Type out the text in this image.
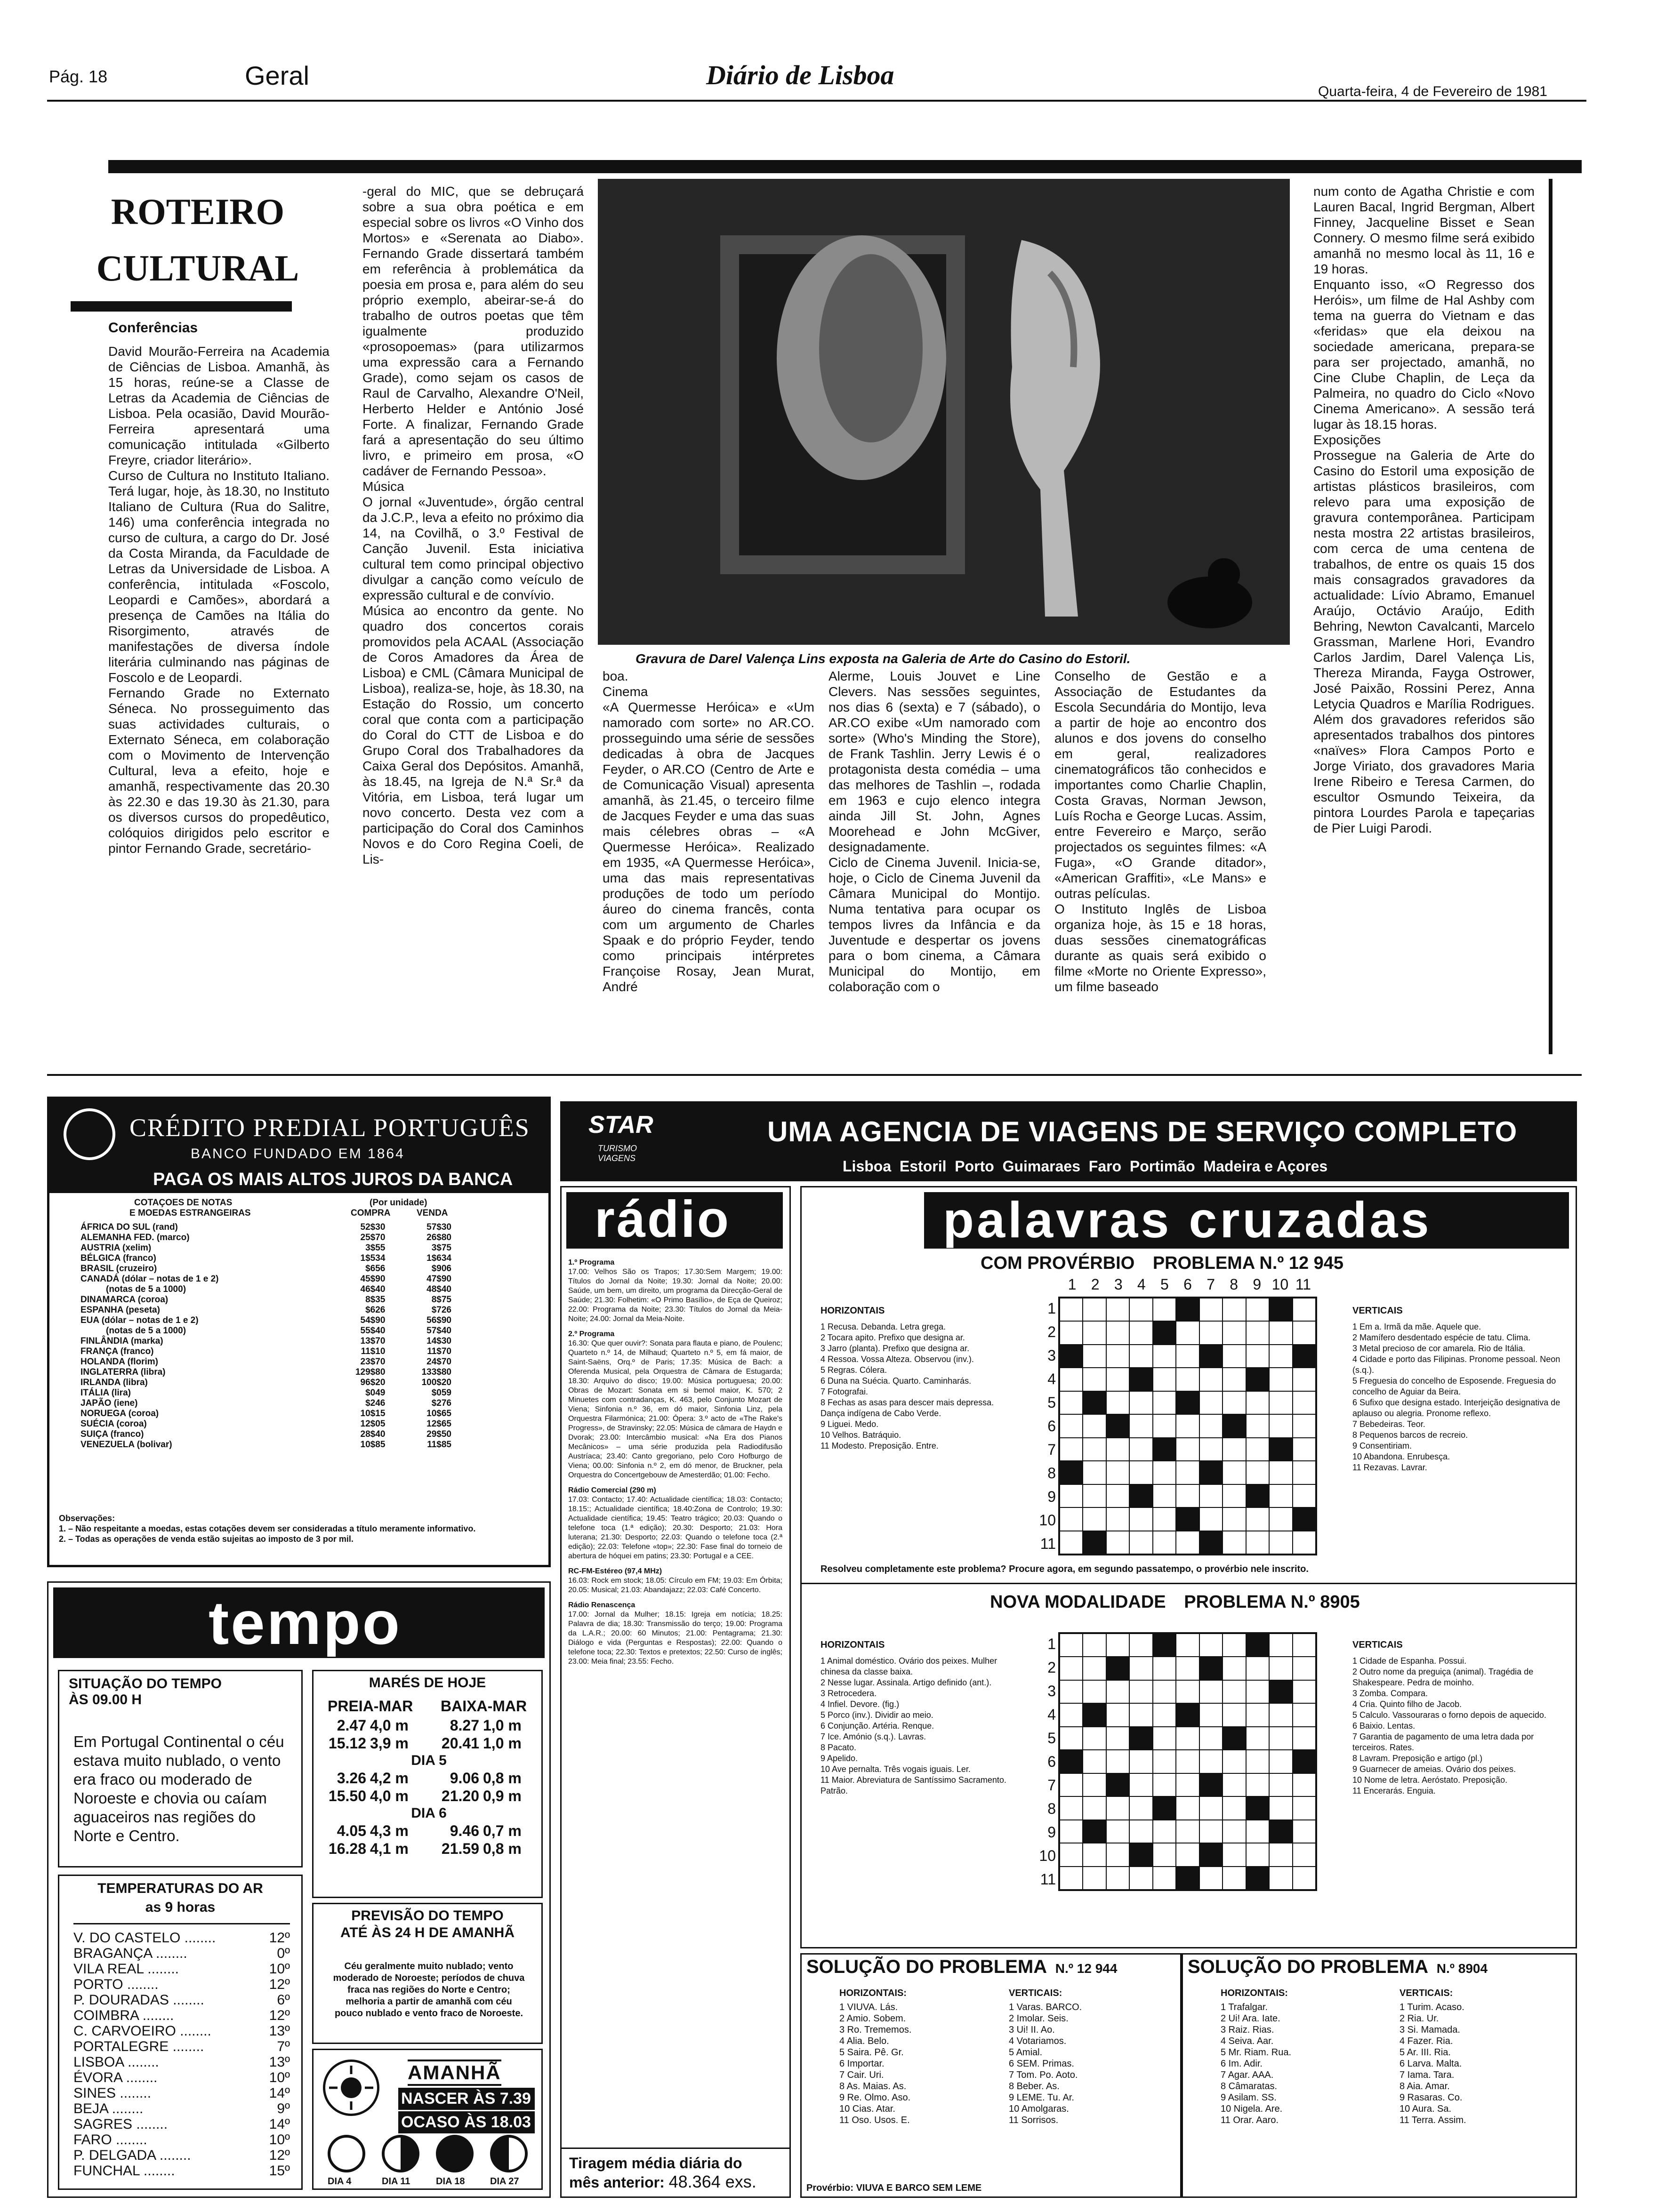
Pág. 18	Geral	Diário de Lisboa
Quarta-feira, 4 de Fevereiro de 1981
ROTEIRO
CULTURAL
Conferências
David Mourão-Ferreira na Academia de Ciências de Lisboa. Amanhã, às 15 horas, reúne-se a Classe de Letras da Academia de Ciências de Lisboa. Pela ocasião, David Mourão-Ferreira apresentará uma comunicação intitulada «Gilberto Freyre, criador literário».
Curso de Cultura no Instituto Italiano. Terá lugar, hoje, às 18.30, no Instituto Italiano de Cultura (Rua do Salitre, 146) uma conferência integrada no curso de cultura, a cargo do Dr. José da Costa Miranda, da Faculdade de Letras da Universidade de Lisboa. A conferência, intitulada «Foscolo, Leopardi e Camões», abordará a presença de Camões na Itália do Risorgimento, através de manifestações de diversa índole literária culminando nas páginas de Foscolo e de Leopardi.
Fernando Grade no Externato Séneca. No prosseguimento das suas actividades culturais, o Externato Séneca, em colaboração com o Movimento de Intervenção Cultural, leva a efeito, hoje e amanhã, respectivamente das 20.30 às 22.30 e das 19.30 às 21.30, para os diversos cursos do propedêutico, colóquios dirigidos pelo escritor e pintor Fernando Grade, secretário-
-geral do MIC, que se debruçará sobre a sua obra poética e em especial sobre os livros «O Vinho dos Mortos» e «Serenata ao Diabo». Fernando Grade dissertará também em referência à problemática da poesia em prosa e, para além do seu próprio exemplo, abeirar-se-á do trabalho de outros poetas que têm igualmente produzido «prosopoemas» (para utilizarmos uma expressão cara a Fernando Grade), como sejam os casos de Raul de Carvalho, Alexandre O'Neil, Herberto Helder e António José Forte. A finalizar, Fernando Grade fará a apresentação do seu último livro, e primeiro em prosa, «O cadáver de Fernando Pessoa».
Música
O jornal «Juventude», órgão central da J.C.P., leva a efeito no próximo dia 14, na Covilhã, o 3.º Festival de Canção Juvenil. Esta iniciativa cultural tem como principal objectivo divulgar a canção como veículo de expressão cultural e de convívio.
Música ao encontro da gente. No quadro dos concertos corais promovidos pela ACAAL (Associação de Coros Amadores da Área de Lisboa) e CML (Câmara Municipal de Lisboa), realiza-se, hoje, às 18.30, na Estação do Rossio, um concerto coral que conta com a participação do Coral do CTT de Lisboa e do Grupo Coral dos Trabalhadores da Caixa Geral dos Depósitos. Amanhã, às 18.45, na Igreja de N.ª Sr.ª da Vitória, em Lisboa, terá lugar um novo concerto. Desta vez com a participação do Coral dos Caminhos Novos e do Coro Regina Coeli, de Lis-
Gravura de Darel Valença Lins exposta na Galeria de Arte do Casino do Estoril.
boa.
Cinema
«A Quermesse Heróica» e «Um namorado com sorte» no AR.CO. prosseguindo uma série de sessões dedicadas à obra de Jacques Feyder, o AR.CO (Centro de Arte e de Comunicação Visual) apresenta amanhã, às 21.45, o terceiro filme de Jacques Feyder e uma das suas mais célebres obras – «A Quermesse Heróica». Realizado em 1935, «A Quermesse Heróica», uma das mais representativas produções de todo um período áureo do cinema francês, conta com um argumento de Charles Spaak e do próprio Feyder, tendo como principais intérpretes Françoise Rosay, Jean Murat, André
Alerme, Louis Jouvet e Line Clevers. Nas sessões seguintes, nos dias 6 (sexta) e 7 (sábado), o AR.CO exibe «Um namorado com sorte» (Who's Minding the Store), de Frank Tashlin. Jerry Lewis é o protagonista desta comédia – uma das melhores de Tashlin –, rodada em 1963 e cujo elenco integra ainda Jill St. John, Agnes Moorehead e John McGiver, designadamente.
Ciclo de Cinema Juvenil. Inicia-se, hoje, o Ciclo de Cinema Juvenil da Câmara Municipal do Montijo. Numa tentativa para ocupar os tempos livres da Infância e da Juventude e despertar os jovens para o bom cinema, a Câmara Municipal do Montijo, em colaboração com o
Conselho de Gestão e a Associação de Estudantes da Escola Secundária do Montijo, leva a partir de hoje ao encontro dos alunos e dos jovens do conselho em geral, realizadores cinematográficos tão conhecidos e importantes como Charlie Chaplin, Costa Gravas, Norman Jewson, Luís Rocha e George Lucas. Assim, entre Fevereiro e Março, serão projectados os seguintes filmes: «A Fuga», «O Grande ditador», «American Graffiti», «Le Mans» e outras películas.
O Instituto Inglês de Lisboa organiza hoje, às 15 e 18 horas, duas sessões cinematográficas durante as quais será exibido o filme «Morte no Oriente Expresso», um filme baseado
num conto de Agatha Christie e com Lauren Bacal, Ingrid Bergman, Albert Finney, Jacqueline Bisset e Sean Connery. O mesmo filme será exibido amanhã no mesmo local às 11, 16 e 19 horas.
Enquanto isso, «O Regresso dos Heróis», um filme de Hal Ashby com tema na guerra do Vietnam e das «feridas» que ela deixou na sociedade americana, prepara-se para ser projectado, amanhã, no Cine Clube Chaplin, de Leça da Palmeira, no quadro do Ciclo «Novo Cinema Americano». A sessão terá lugar às 18.15 horas.
Exposições
Prossegue na Galeria de Arte do Casino do Estoril uma exposição de artistas plásticos brasileiros, com relevo para uma exposição de gravura contemporânea. Participam nesta mostra 22 artistas brasileiros, com cerca de uma centena de trabalhos, de entre os quais 15 dos mais consagrados gravadores da actualidade: Lívio Abramo, Emanuel Araújo, Octávio Araújo, Edith Behring, Newton Cavalcanti, Marcelo Grassman, Marlene Hori, Evandro Carlos Jardim, Darel Valença Lis, Thereza Miranda, Fayga Ostrower, José Paixão, Rossini Perez, Anna Letycia Quadros e Marília Rodrigues. Além dos gravadores referidos são apresentados trabalhos dos pintores «naïves» Flora Campos Porto e Jorge Viriato, dos gravadores Maria Irene Ribeiro e Teresa Carmen, do escultor Osmundo Teixeira, da pintora Lourdes Parola e tapeçarias de Pier Luigi Parodi.
CRÉDITO PREDIAL PORTUGUÊS
BANCO FUNDADO EM 1864
PAGA OS MAIS ALTOS JUROS DA BANCA
COTAÇOES DE NOTAS
E MOEDAS ESTRANGEIRAS
(Por unidade)
COMPRA	VENDA
ÁFRICA DO SUL (rand)	52$30	57$30
ALEMANHA FED. (marco)	25$70	26$80
AUSTRIA (xelim)	3$55	3$75
BÉLGICA (franco)	1$534	1$634
BRASIL (cruzeiro)	$656	$906
CANADÁ (dólar – notas de 1 e 2)	45$90	47$90
(notas de 5 a 1000)	46$40	48$40
DINAMARCA (coroa)	8$35	8$75
ESPANHA (peseta)	$626	$726
EUA (dólar – notas de 1 e 2)	54$90	56$90
(notas de 5 a 1000)	55$40	57$40
FINLÂNDIA (marka)	13$70	14$30
FRANÇA (franco)	11$10	11$70
HOLANDA (florim)	23$70	24$70
INGLATERRA (libra)	129$80	133$80
IRLANDA (libra)	96$20	100$20
ITÁLIA (lira)	$049	$059
JAPÃO (iene)	$246	$276
NORUEGA (coroa)	10$15	10$65
SUÉCIA (coroa)	12$05	12$65
SUIÇA (franco)	28$40	29$50
VENEZUELA (bolivar)	10$85	11$85
Observações:
1. – Não respeitante a moedas, estas cotações devem ser consideradas a título meramente informativo.
2. – Todas as operações de venda estão sujeitas ao imposto de 3 por mil.
STAR
TURISMO VIAGENS
UMA AGENCIA DE VIAGENS DE SERVIÇO COMPLETO
Lisboa  Estoril  Porto  Guimaraes  Faro  Portimão  Madeira e Açores
rádio
1.º Programa
17.00: Velhos São os Trapos; 17.30:Sem Margem; 19.00: Títulos do Jornal da Noite; 19.30: Jornal da Noite; 20.00: Saúde, um bem, um direito, um programa da Direcção-Geral de Saúde; 21.30: Folhetim: «O Primo Basílio», de Eça de Queiroz; 22.00: Programa da Noite; 23.30: Títulos do Jornal da Meia-Noite; 24.00: Jornal da Meia-Noite.
2.º Programa
16.30: Que quer ouvir?: Sonata para flauta e piano, de Poulenc; Quarteto n.º 14, de Milhaud; Quarteto n.º 5, em fá maior, de Saint-Saëns, Orq.º de Paris; 17.35: Música de Bach: a Oferenda Musical, pela Orquestra de Câmara de Estugarda; 18.30: Arquivo do disco; 19.00: Música portuguesa; 20.00: Obras de Mozart: Sonata em si bemol maior, K. 570; 2 Minuetes com contradanças, K. 463, pelo Conjunto Mozart de Viena; Sinfonia n.º 36, em dó maior, Sinfonia Linz, pela Orquestra Filarmónica; 21.00: Ópera: 3.º acto de «The Rake's Progress», de Stravinsky; 22.05: Música de câmara de Haydn e Dvorak; 23.00: Intercâmbio musical: «Na Era dos Pianos Mecânicos» – uma série produzida pela Radiodifusão Austríaca; 23.40: Canto gregoriano, pelo Coro Hofburgo de Viena; 00.00: Sinfonia n.º 2, em dó menor, de Bruckner, pela Orquestra do Concertgebouw de Amesterdão; 01.00: Fecho.
Rádio Comercial (290 m)
17.03: Contacto; 17.40: Actualidade científica; 18.03: Contacto; 18.15:; Actualidade científica; 18.40:Zona de Controlo; 19.30: Actualidade científica; 19.45: Teatro trágico; 20.03: Quando o telefone toca (1.ª edição); 20.30: Desporto; 21.03: Hora luterana; 21.30: Desporto; 22.03: Quando o telefone toca (2.ª edição); 22.03: Telefone «top»; 22.30: Fase final do torneio de abertura de hóquei em patins; 23.30: Portugal e a CEE.
RC-FM-Estéreo (97,4 MHz)
16.03: Rock em stock; 18.05: Círculo em FM; 19.03: Em Órbita; 20.05: Musical; 21.03: Abandajazz; 22.03: Café Concerto.
Rádio Renascença
17.00: Jornal da Mulher; 18.15: Igreja em notícia; 18.25: Palavra de dia; 18.30: Transmissão do terço; 19.00: Programa da L.A.R.; 20.00: 60 Minutos; 21.00: Pentagrama; 21.30: Diálogo e vida (Perguntas e Respostas); 22.00: Quando o telefone toca; 22.30: Textos e pretextos; 22.50: Curso de inglês; 23.00: Meia final; 23.55: Fecho.
Tiragem média diária do
mês anterior: 48.364 exs.
tempo
SITUAÇÃO DO TEMPO
ÀS 09.00 H
Em Portugal Continental o céu estava muito nublado, o vento era fraco ou moderado de Noroeste e chovia ou caíam aguaceiros nas regiões do Norte e Centro.
TEMPERATURAS DO AR
as 9 horas
V. DO CASTELO ........	12º
BRAGANÇA ........	0º
VILA REAL ........	10º
PORTO ........	12º
P. DOURADAS ........	6º
COIMBRA ........	12º
C. CARVOEIRO ........	13º
PORTALEGRE ........	7º
LISBOA ........	13º
ÉVORA ........	10º
SINES ........	14º
BEJA ........	9º
SAGRES ........	14º
FARO ........	10º
P. DELGADA ........	12º
FUNCHAL ........	15º
MARÉS DE HOJE
PREIA-MAR BAIXA-MAR
2.47 4,0 m	8.27 1,0 m
15.12 3,9 m	20.41 1,0 m
DIA 5
3.26 4,2 m	9.06 0,8 m
15.50 4,0 m	21.20 0,9 m
DIA 6
4.05 4,3 m	9.46 0,7 m
16.28 4,1 m	21.59 0,8 m
PREVISÃO DO TEMPO
ATÉ ÀS 24 H DE AMANHÃ
Céu geralmente muito nublado; vento moderado de Noroeste; períodos de chuva fraca nas regiões do Norte e Centro; melhoria a partir de amanhã com céu pouco nublado e vento fraco de Noroeste.
AMANHÃ
NASCER ÀS 7.39
OCASO ÀS 18.03
DIA 4	DIA 11	DIA 18	DIA 27
palavras cruzadas
COM PROVÉRBIO PROBLEMA N.º 12 945
1 2 3 4 5 6 7 8 9 10 11
HORIZONTAIS
1 Recusa. Debanda. Letra grega.
2 Tocara apito. Prefixo que designa ar.
3 Jarro (planta). Prefixo que designa ar.
4 Ressoa. Vossa Alteza. Observou (inv.).
5 Regras. Cólera.
6 Duna na Suécia. Quarto. Caminharás.
7 Fotografai.
8 Fechas as asas para descer mais depressa. Dança indígena de Cabo Verde.
9 Liguei. Medo.
10 Velhos. Batráquio.
11 Modesto. Preposição. Entre.
1
2
3
4
5
6
7
8
9
10
11
VERTICAIS
1 Em a. Irmã da mãe. Aquele que.
2 Mamífero desdentado espécie de tatu. Clima.
3 Metal precioso de cor amarela. Rio de Itália.
4 Cidade e porto das Filipinas. Pronome pessoal. Neon (s.q.).
5 Freguesia do concelho de Esposende. Freguesia do concelho de Aguiar da Beira.
6 Sufixo que designa estado. Interjeição designativa de aplauso ou alegria. Pronome reflexo.
7 Bebedeiras. Teor.
8 Pequenos barcos de recreio.
9 Consentiriam.
10 Abandona. Enrubesça.
11 Rezavas. Lavrar.
Resolveu completamente este problema? Procure agora, em segundo passatempo, o provérbio nele inscrito.
NOVA MODALIDADE PROBLEMA N.º 8905
HORIZONTAIS
1 Animal doméstico. Ovário dos peixes. Mulher chinesa da classe baixa.
2 Nesse lugar. Assinala. Artigo definido (ant.).
3 Retrocedera.
4 Infiel. Devore. (fig.)
5 Porco (inv.). Dividir ao meio.
6 Conjunção. Artéria. Renque.
7 Ice. Amónio (s.q.). Lavras.
8 Pacato.
9 Apelido.
10 Ave pernalta. Três vogais iguais. Ler.
11 Maior. Abreviatura de Santíssimo Sacramento. Patrão.
1
2
3
4
5
6
7
8
9
10
11
VERTICAIS
1 Cidade de Espanha. Possui.
2 Outro nome da preguiça (animal). Tragédia de Shakespeare. Pedra de moinho.
3 Zomba. Compara.
4 Cria. Quinto filho de Jacob.
5 Calculo. Vassouraras o forno depois de aquecido.
6 Baixio. Lentas.
7 Garantia de pagamento de uma letra dada por terceiros. Rates.
8 Lavram. Preposição e artigo (pl.)
9 Guarnecer de ameias. Ovário dos peixes.
10 Nome de letra. Aeróstato. Preposição.
11 Encerarás. Enguia.
SOLUÇÃO DO PROBLEMA N.º 12 944
HORIZONTAIS:
1 VIUVA. Lás.
2 Amio. Sobem.
3 Ro. Trememos.
4 Alia. Belo.
5 Saira. Pê. Gr.
6 Importar.
7 Cair. Uri.
8 As. Maias. As.
9 Re. Olmo. Aso.
10 Cias. Atar.
11 Oso. Usos. E.
VERTICAIS:
1 Varas. BARCO.
2 Imolar. Seis.
3 Ui! II. Ao.
4 Votariamos.
5 Amial.
6 SEM. Primas.
7 Tom. Po. Aoto.
8 Beber. As.
9 LEME. Tu. Ar.
10 Amolgaras.
11 Sorrisos.
Provérbio: VIUVA E BARCO SEM LEME
SOLUÇÃO DO PROBLEMA N.º 8904
HORIZONTAIS:
1 Trafalgar.
2 Ui! Ara. Iate.
3 Raiz. Rias.
4 Seiva. Aar.
5 Mr. Riam. Rua.
6 Im. Adir.
7 Agar. AAA.
8 Câmaratas.
9 Asilam. SS.
10 Nigela. Are.
11 Orar. Aaro.
VERTICAIS:
1 Turim. Acaso.
2 Ria. Ur.
3 Si. Mamada.
4 Fazer. Ria.
5 Ar. III. Ria.
6 Larva. Malta.
7 Iama. Tara.
8 Aia. Amar.
9 Rasaras. Co.
10 Aura. Sa.
11 Terra. Assim.
